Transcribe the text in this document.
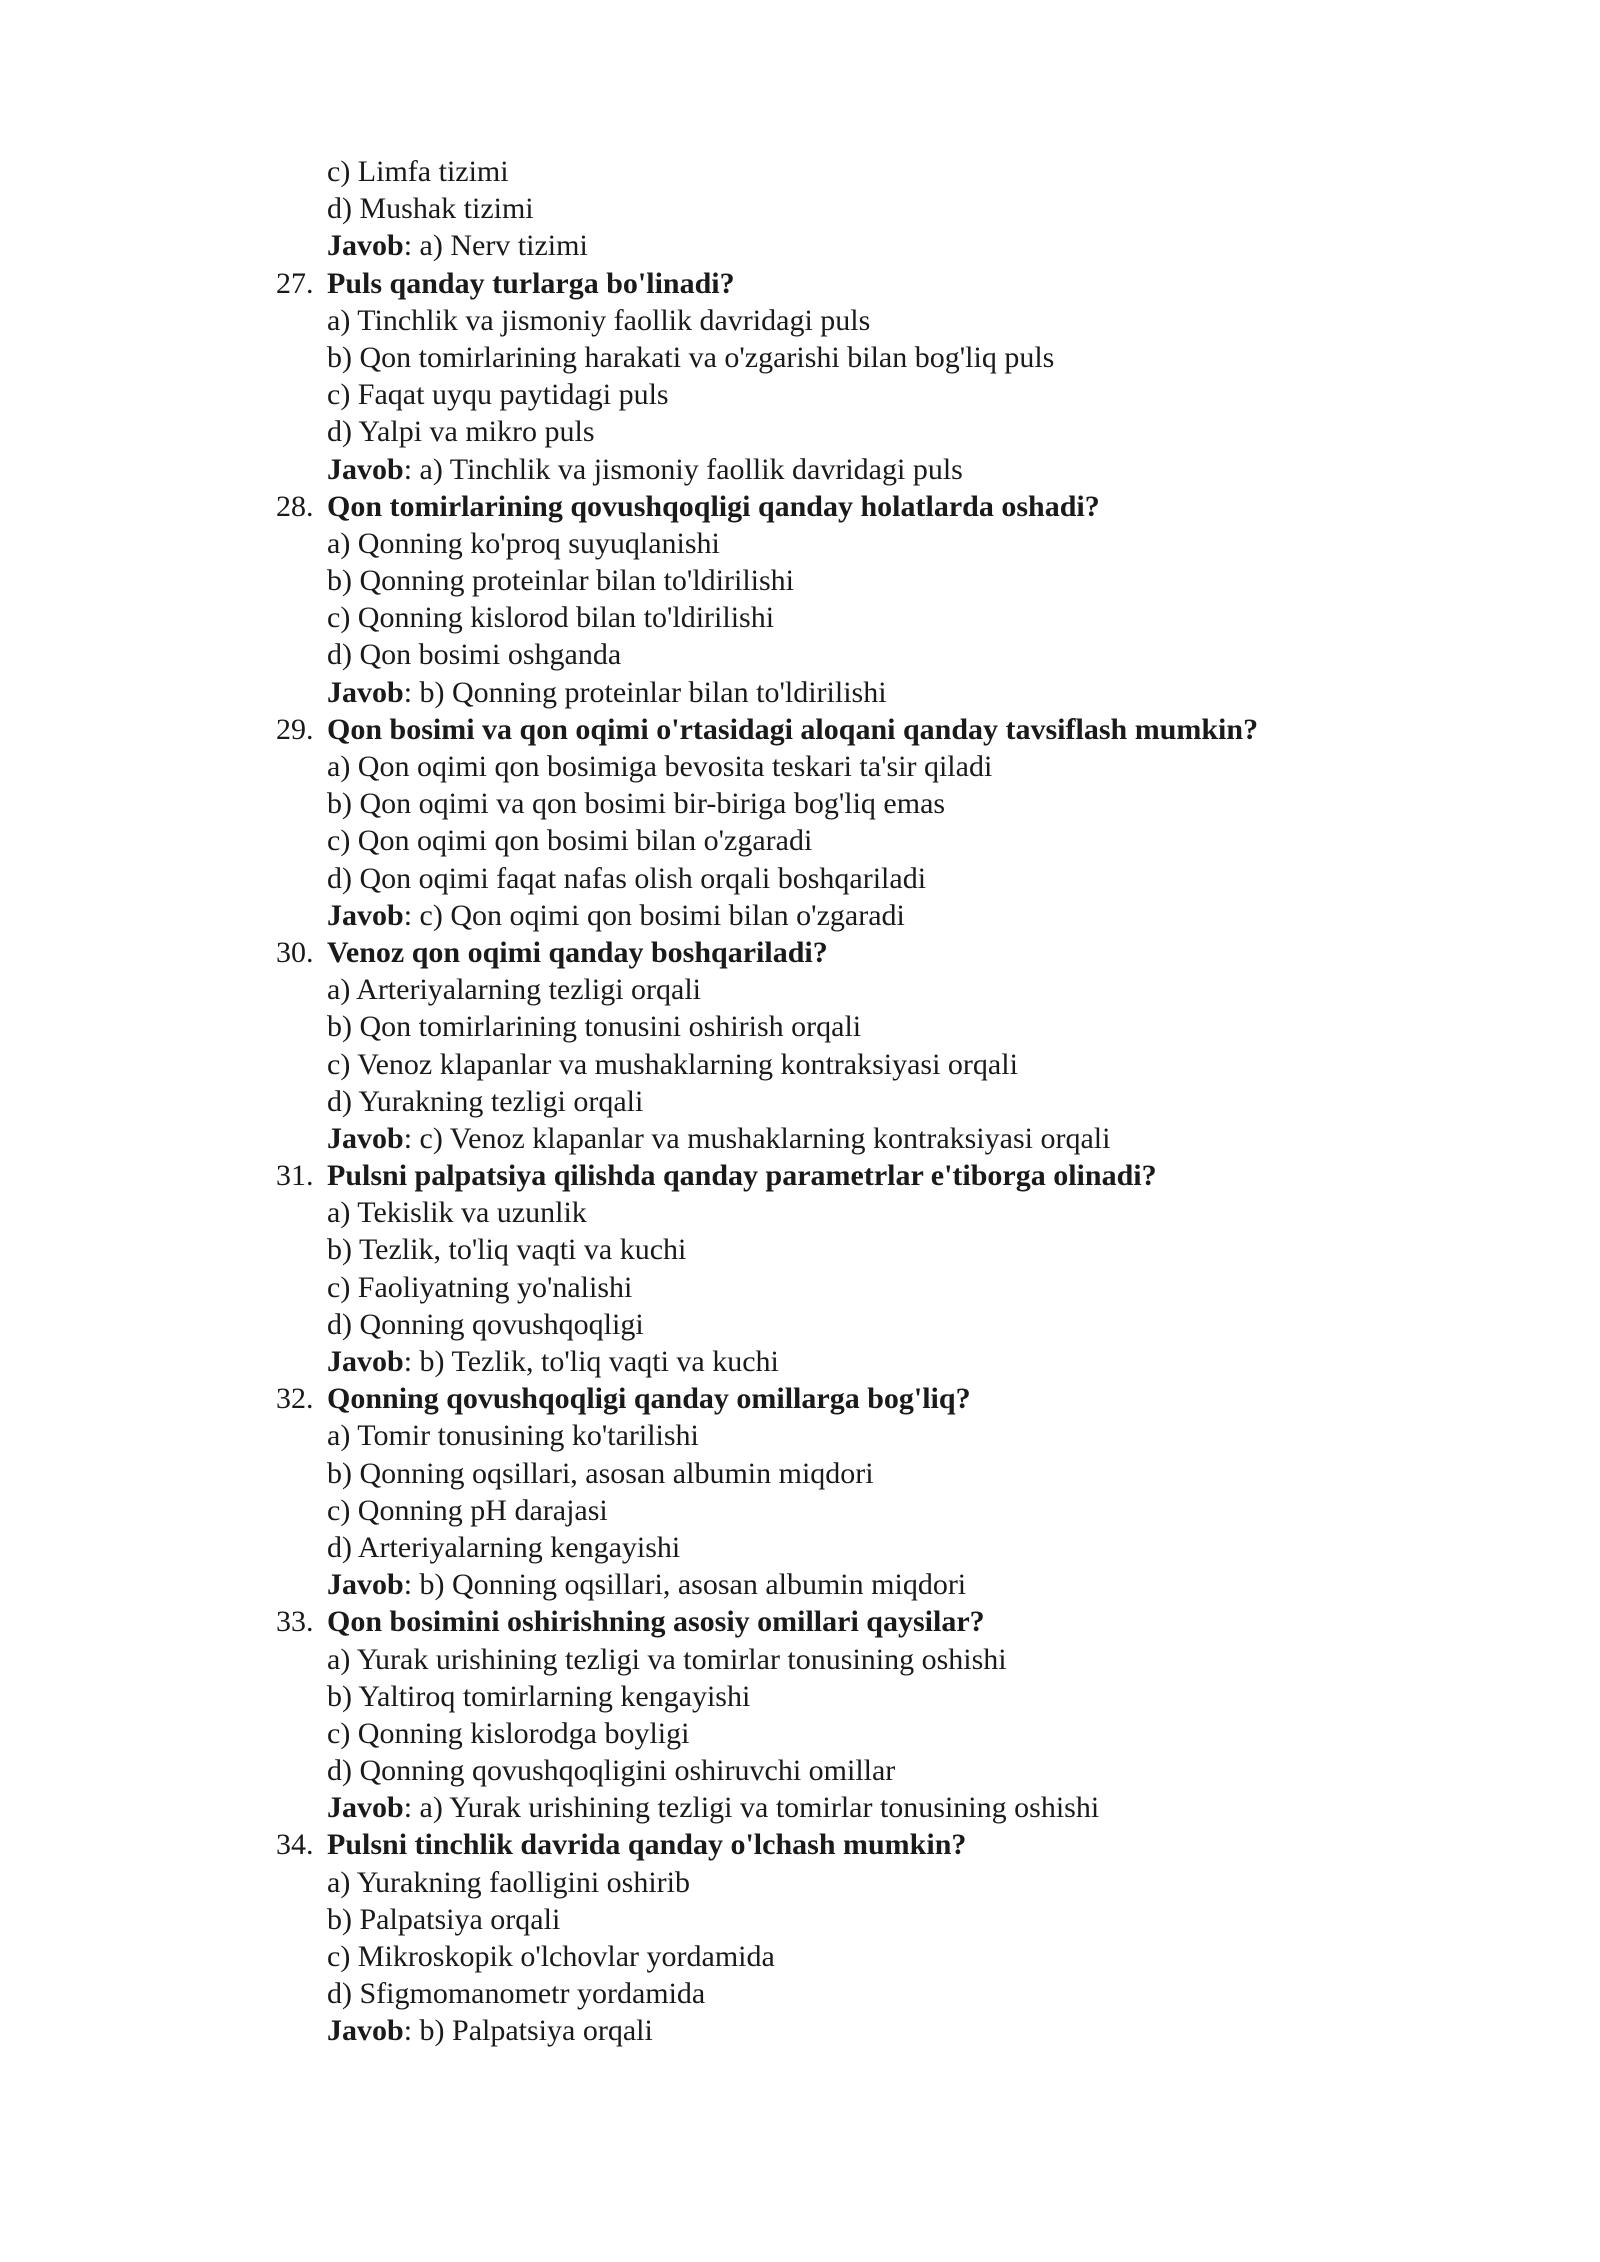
c) Limfa tizimi
d) Mushak tizimi
Javob: a) Nerv tizimi
27. Puls qanday turlarga bo'linadi?
a) Tinchlik va jismoniy faollik davridagi puls
b) Qon tomirlarining harakati va o'zgarishi bilan bog'liq puls
c) Faqat uyqu paytidagi puls
d) Yalpi va mikro puls
Javob: a) Tinchlik va jismoniy faollik davridagi puls
28. Qon tomirlarining qovushqoqligi qanday holatlarda oshadi?
a) Qonning ko'proq suyuqlanishi
b) Qonning proteinlar bilan to'ldirilishi
c) Qonning kislorod bilan to'ldirilishi
d) Qon bosimi oshganda
Javob: b) Qonning proteinlar bilan to'ldirilishi
29. Qon bosimi va qon oqimi o'rtasidagi aloqani qanday tavsiflash mumkin?
a) Qon oqimi qon bosimiga bevosita teskari ta'sir qiladi
b) Qon oqimi va qon bosimi bir-biriga bog'liq emas
c) Qon oqimi qon bosimi bilan o'zgaradi
d) Qon oqimi faqat nafas olish orqali boshqariladi
Javob: c) Qon oqimi qon bosimi bilan o'zgaradi
30. Venoz qon oqimi qanday boshqariladi?
a) Arteriyalarning tezligi orqali
b) Qon tomirlarining tonusini oshirish orqali
c) Venoz klapanlar va mushaklarning kontraksiyasi orqali
d) Yurakning tezligi orqali
Javob: c) Venoz klapanlar va mushaklarning kontraksiyasi orqali
31. Pulsni palpatsiya qilishda qanday parametrlar e'tiborga olinadi?
a) Tekislik va uzunlik
b) Tezlik, to'liq vaqti va kuchi
c) Faoliyatning yo'nalishi
d) Qonning qovushqoqligi
Javob: b) Tezlik, to'liq vaqti va kuchi
32. Qonning qovushqoqligi qanday omillarga bog'liq?
a) Tomir tonusining ko'tarilishi
b) Qonning oqsillari, asosan albumin miqdori
c) Qonning pH darajasi
d) Arteriyalarning kengayishi
Javob: b) Qonning oqsillari, asosan albumin miqdori
33. Qon bosimini oshirishning asosiy omillari qaysilar?
a) Yurak urishining tezligi va tomirlar tonusining oshishi
b) Yaltiroq tomirlarning kengayishi
c) Qonning kislorodga boyligi
d) Qonning qovushqoqligini oshiruvchi omillar
Javob: a) Yurak urishining tezligi va tomirlar tonusining oshishi
34. Pulsni tinchlik davrida qanday o'lchash mumkin?
a) Yurakning faolligini oshirib
b) Palpatsiya orqali
c) Mikroskopik o'lchovlar yordamida
d) Sfigmomanometr yordamida
Javob: b) Palpatsiya orqali
